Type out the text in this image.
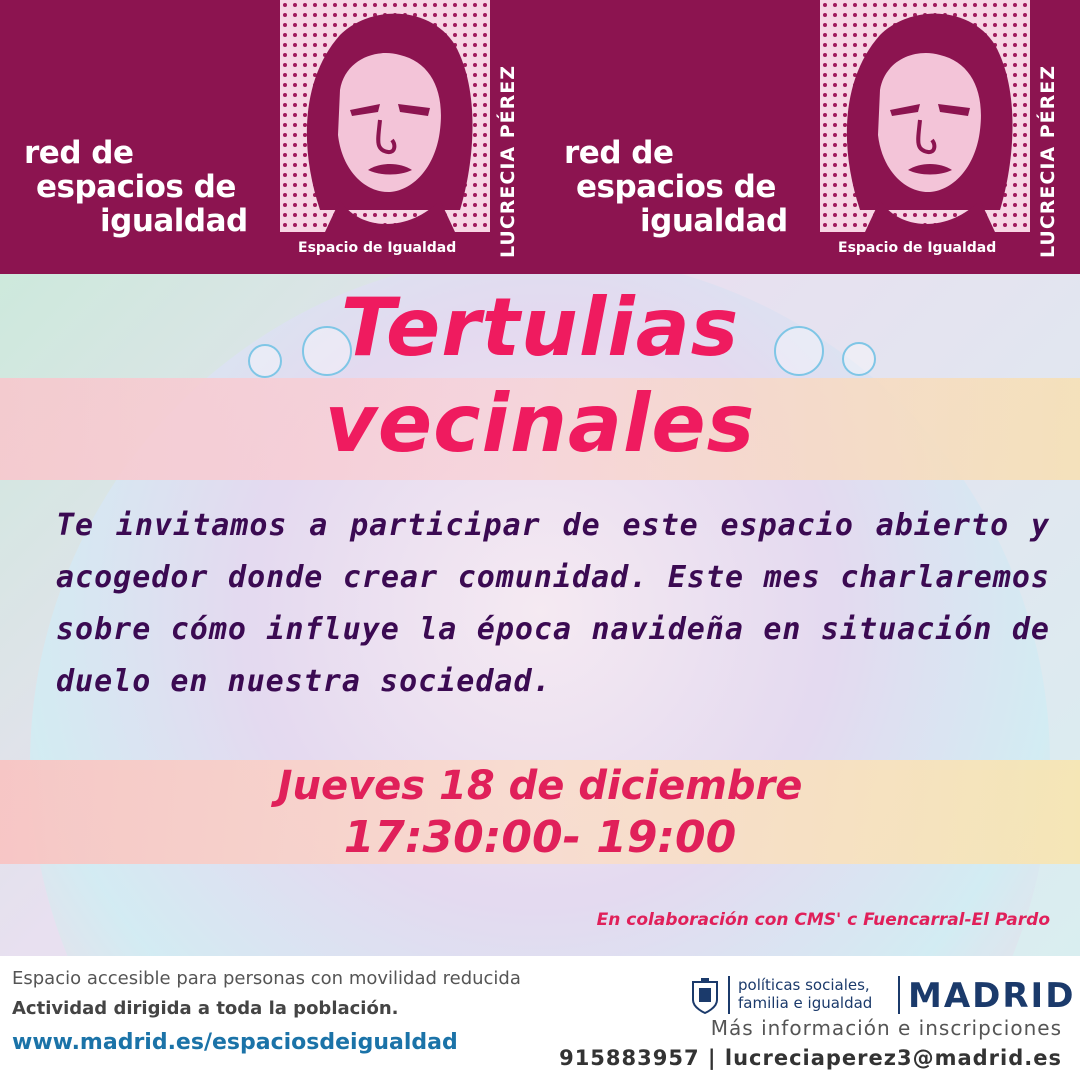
red de
espacios de
igualdad
Espacio de Igualdad LUCRECIA PÉREZ red de
espacios de
igualdad
Espacio de Igualdad LUCRECIA PÉREZ
Tertulias
vecinales
Te invitamos a participar de este espacio abierto y acogedor donde crear comunidad. Este mes charlaremos sobre cómo influye la época navideña en situación de duelo en nuestra sociedad.
Jueves 18 de diciembre
17:30:00- 19:00
En colaboración con CMS' c Fuencarral-El Pardo
Espacio accesible para personas con movilidad reducida
Actividad dirigida a toda la población.
www.madrid.es/espaciosdeigualdad
políticas sociales,
familia e igualdad MADRID
Más información e inscripciones
915883957 | lucreciaperez3@madrid.es
